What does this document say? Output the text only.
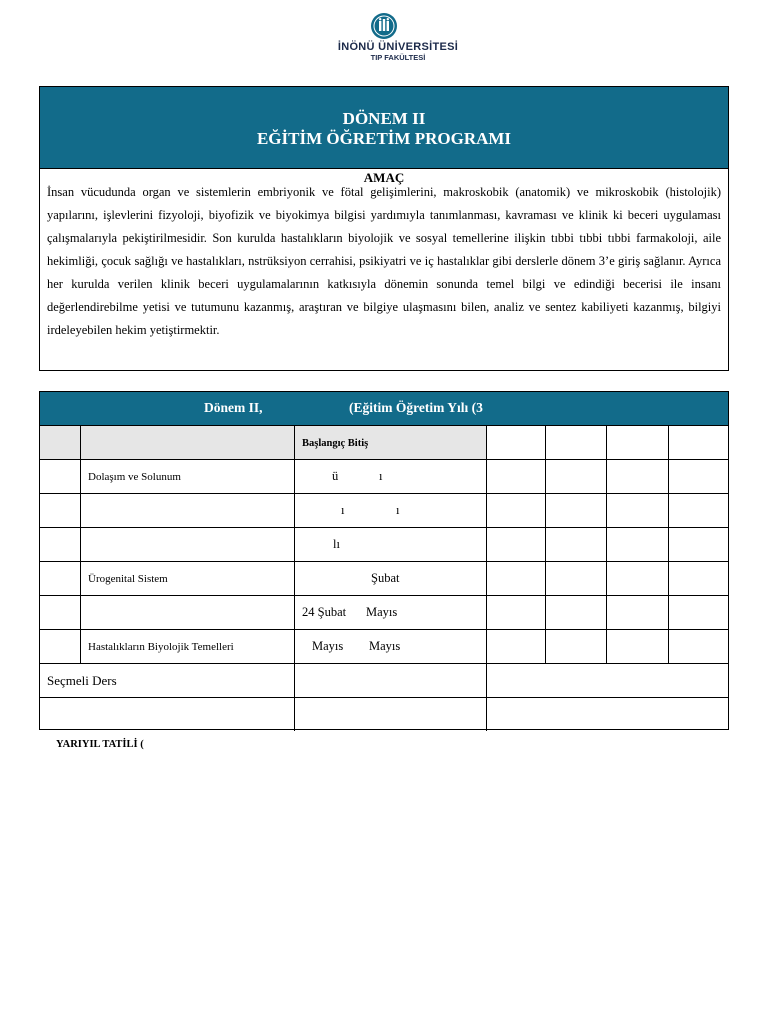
İNÖNÜ ÜNİVERSİTESİ
TIP FAKÜLTESİ
DÖNEM II
EĞİTİM ÖĞRETİM PROGRAMI
AMAÇ
İnsan vücudunda organ ve sistemlerin embriyonik ve fötal gelişimlerini, makroskobik (anatomik) ve mikroskobik (histolojik) yapılarını, işlevlerini fizyoloji, biyofizik ve biyokimya bilgisi yardımıyla tanımlanması, kavraması ve klinik ki beceri uygulaması çalışmalarıyla pekiştirilmesidir. Son kurulda hastalıkların biyolojik ve sosyal temellerine ilişkin tıbbi tıbbi tıbbi farmakoloji, aile hekimliği, çocuk sağlığı ve hastalıkları, nstrüksiyon cerrahisi, psikiyatri ve iç hastalıklar gibi derslerle dönem 3’e giriş sağlanır. Ayrıca her kurulda verilen klinik beceri uygulamalarının katkısıyla dönemin sonunda temel bilgi ve edindiği becerisi ile insanı değerlendirebilme yetisi ve tutumunu kazanmış, araştıran ve bilgiye ulaşmasını bilen, analiz ve sentez kabiliyeti kazanmış, bilgiyi irdeleyebilen hekim yetiştirmektir.
Dönem II,	(Eğitim Öğretim Yılı (3
		Başlangıç Bitiş				
	Dolaşım ve Solunum	ü ı				

		ı ı				

		lı				

	Ürogenital Sistem	Şubat				

		24 Şubat Mayıs				

	Hastalıkların Biyolojik Temelleri	Mayıs Mayıs				

Seçmeli Ders						

YARIYIL TATİLİ (
